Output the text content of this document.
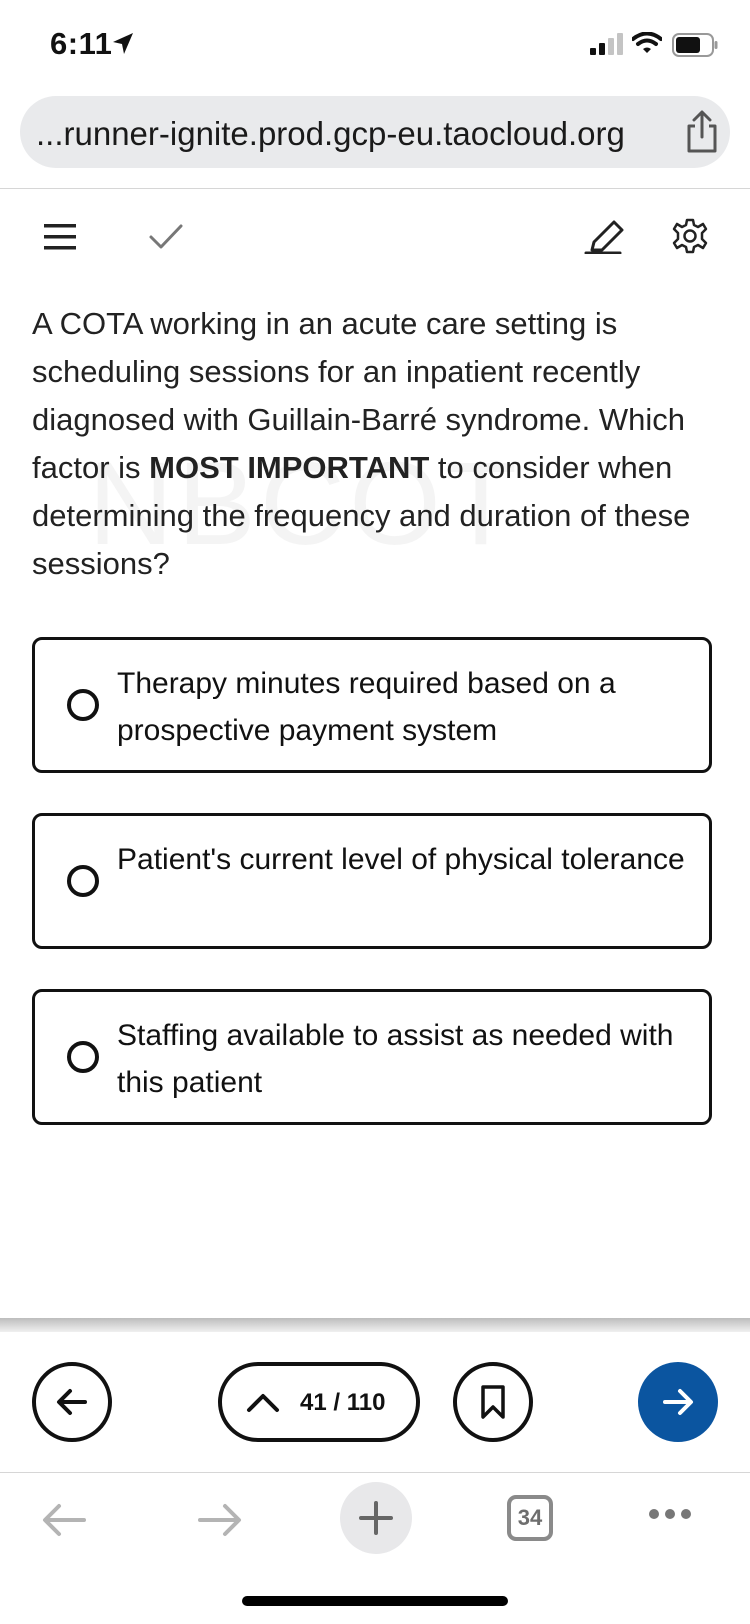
6:11
...runner-ignite.prod.gcp-eu.taocloud.org
A COTA working in an acute care setting is scheduling sessions for an inpatient recently diagnosed with Guillain-Barré syndrome. Which factor is MOST IMPORTANT to consider when determining the frequency and duration of these sessions?
Therapy minutes required based on a prospective payment system
Patient's current level of physical tolerance
Staffing available to assist as needed with this patient
41 / 110
34
